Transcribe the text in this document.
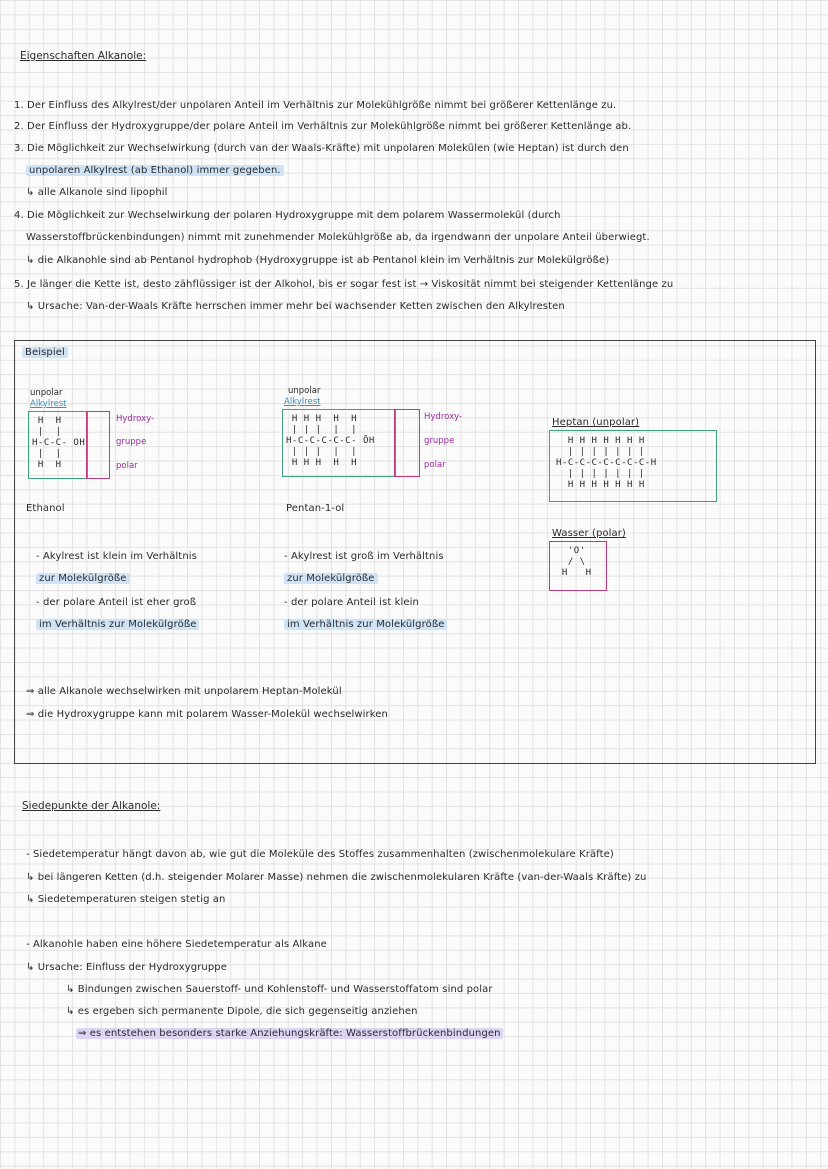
Eigenschaften Alkanole:
1. Der Einfluss des Alkylrest/der unpolaren Anteil im Verhältnis zur Molekühlgröße nimmt bei größerer Kettenlänge zu.
2. Der Einfluss der Hydroxygruppe/der polare Anteil im Verhältnis zur Molekühlgröße nimmt bei größerer Kettenlänge ab.
3. Die Möglichkeit zur Wechselwirkung (durch van der Waals-Kräfte) mit unpolaren Molekülen (wie Heptan) ist durch den
unpolaren Alkylrest (ab Ethanol) immer gegeben.
↳ alle Alkanole sind lipophil
4. Die Möglichkeit zur Wechselwirkung der polaren Hydroxygruppe mit dem polarem Wassermolekül (durch
Wasserstoffbrückenbindungen) nimmt mit zunehmender Molekühlgröße ab, da irgendwann der unpolare Anteil überwiegt.
↳ die Alkanohle sind ab Pentanol hydrophob (Hydroxygruppe ist ab Pentanol klein im Verhältnis zur Molekülgröße)
5. Je länger die Kette ist, desto zähflüssiger ist der Alkohol, bis er sogar fest ist → Viskosität nimmt bei steigender Kettenlänge zu
↳ Ursache: Van-der-Waals Kräfte herrschen immer mehr bei wachsender Ketten zwischen den Alkylresten
Beispiel
unpolar
Alkylrest
H  H
|  |
H-C-C- OH
|  |
H  H
Hydroxy-
gruppe
polar
Ethanol
- Akylrest ist klein im Verhältnis
zur Molekülgröße
- der polare Anteil ist eher groß
im Verhältnis zur Molekülgröße
unpolar
Alkylrest
H H H  H  H
| | |  |  |
H-C-C-C-C-C- ŌH
| | |  |  |
H H H  H  H
Hydroxy-
gruppe
polar
Pentan-1-ol
- Akylrest ist groß im Verhältnis
zur Molekülgröße
- der polare Anteil ist klein
im Verhältnis zur Molekülgröße
Heptan (unpolar)
H H H H H H H
| | | | | | |
H-C-C-C-C-C-C-C-H
| | | | | | |
H H H H H H H
Wasser (polar)
'O'
/ \
H   H
⇒ alle Alkanole wechselwirken mit unpolarem Heptan-Molekül
⇒ die Hydroxygruppe kann mit polarem Wasser-Molekül wechselwirken
Siedepunkte der Alkanole:
- Siedetemperatur hängt davon ab, wie gut die Moleküle des Stoffes zusammenhalten (zwischenmolekulare Kräfte)
↳ bei längeren Ketten (d.h. steigender Molarer Masse) nehmen die zwischenmolekularen Kräfte (van-der-Waals Kräfte) zu
↳ Siedetemperaturen steigen stetig an
- Alkanohle haben eine höhere Siedetemperatur als Alkane
↳ Ursache: Einfluss der Hydroxygruppe
↳ Bindungen zwischen Sauerstoff- und Kohlenstoff- und Wasserstoffatom sind polar
↳ es ergeben sich permanente Dipole, die sich gegenseitig anziehen
⇒ es entstehen besonders starke Anziehungskräfte: Wasserstoffbrückenbindungen
